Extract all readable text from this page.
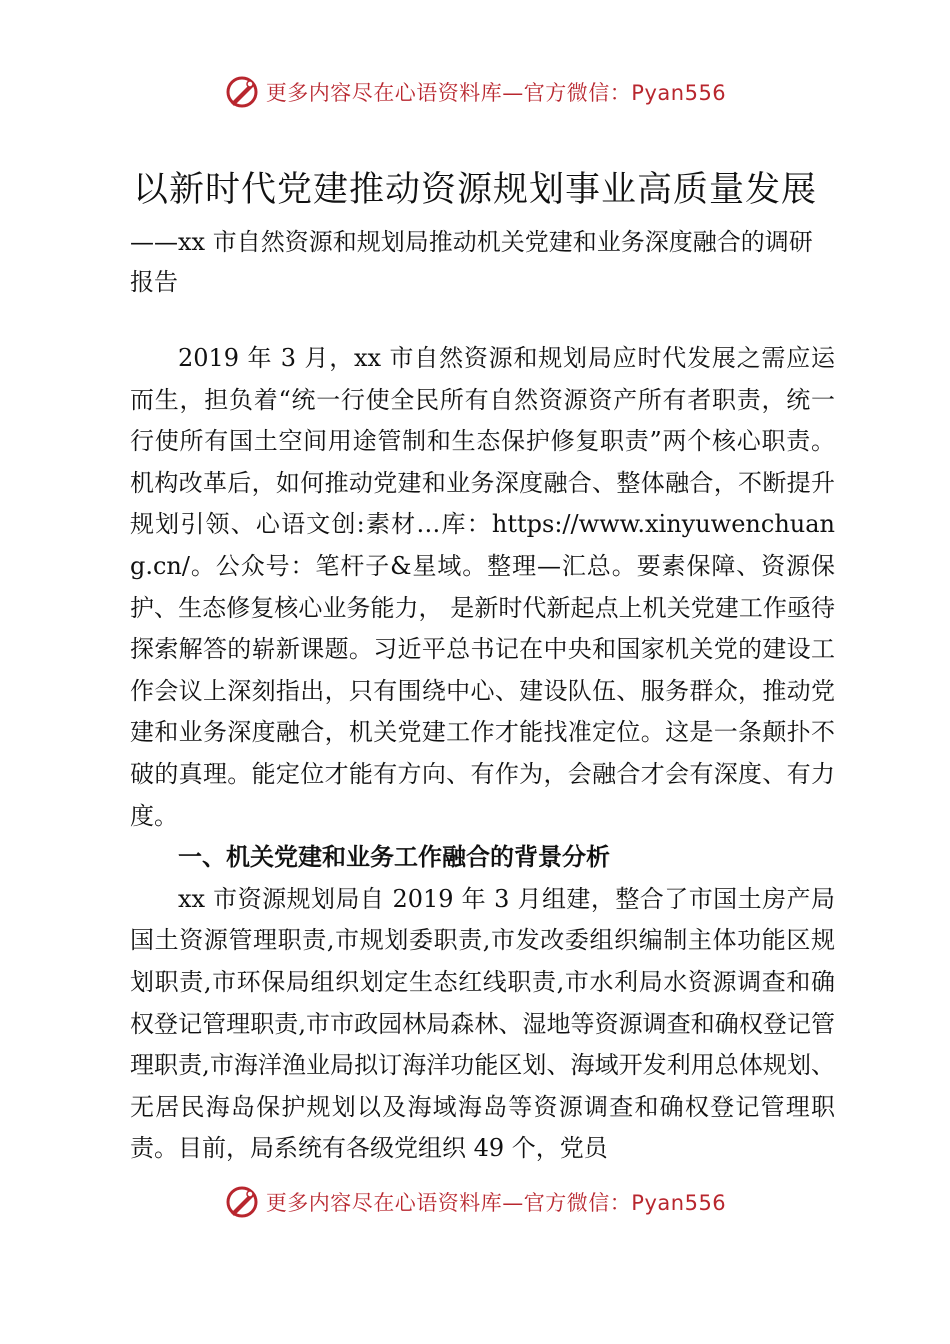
更多内容尽在心语资料库—官方微信：Pyan556
以新时代党建推动资源规划事业高质量发展

——xx 市自然资源和规划局推动机关党建和业务深度融合的调研报告

2019 年 3 月，xx 市自然资源和规划局应时代发展之需应运而生，担负着“统一行使全民所有自然资源资产所有者职责，统一行使所有国土空间用途管制和生态保护修复职责”两个核心职责。机构改革后，如何推动党建和业务深度融合、整体融合，不断提升规划引领、心语文创:素材…库：https://www.xinyuwenchuang.cn/。公众号：笔杆子&星域。整理—汇总。要素保障、资源保护、生态修复核心业务能力， 是新时代新起点上机关党建工作亟待探索解答的崭新课题。习近平总书记在中央和国家机关党的建设工作会议上深刻指出，只有围绕中心、建设队伍、服务群众，推动党建和业务深度融合，机关党建工作才能找准定位。这是一条颠扑不破的真理。能定位才能有方向、有作为，会融合才会有深度、有力度。

一、机关党建和业务工作融合的背景分析

xx 市资源规划局自 2019 年 3 月组建，整合了市国土房产局国土资源管理职责,市规划委职责,市发改委组织编制主体功能区规划职责,市环保局组织划定生态红线职责,市水利局水资源调查和确权登记管理职责,市市政园林局森林、湿地等资源调查和确权登记管理职责,市海洋渔业局拟订海洋功能区划、海域开发利用总体规划、无居民海岛保护规划以及海域海岛等资源调查和确权登记管理职责。目前，局系统有各级党组织 49 个，党员

更多内容尽在心语资料库—官方微信：Pyan556
